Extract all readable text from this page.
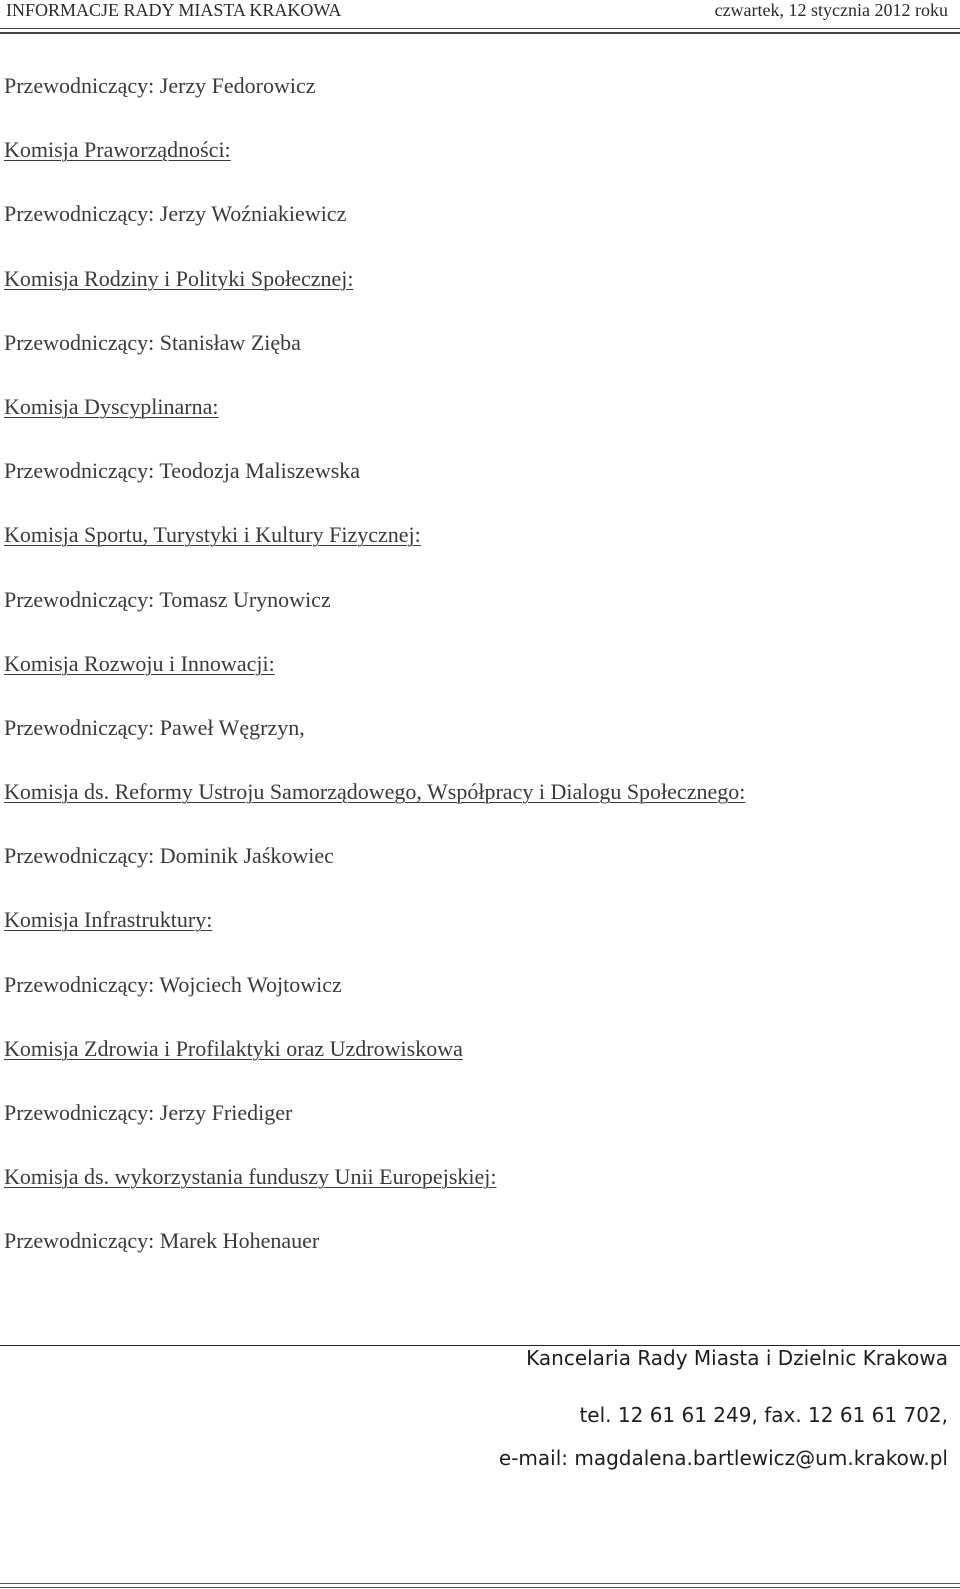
INFORMACJE RADY MIASTA KRAKOWA	czwartek, 12 stycznia 2012 roku
Przewodniczący: Jerzy Fedorowicz
Komisja Praworządności:
Przewodniczący: Jerzy Woźniakiewicz
Komisja Rodziny i Polityki Społecznej:
Przewodniczący: Stanisław Zięba
Komisja Dyscyplinarna:
Przewodniczący: Teodozja Maliszewska
Komisja Sportu, Turystyki i Kultury Fizycznej:
Przewodniczący: Tomasz Urynowicz
Komisja Rozwoju i Innowacji:
Przewodniczący: Paweł Węgrzyn,
Komisja ds. Reformy Ustroju Samorządowego, Współpracy i Dialogu Społecznego:
Przewodniczący: Dominik Jaśkowiec
Komisja Infrastruktury:
Przewodniczący: Wojciech Wojtowicz
Komisja Zdrowia i Profilaktyki oraz Uzdrowiskowa
Przewodniczący: Jerzy Friediger
Komisja ds. wykorzystania funduszy Unii Europejskiej:
Przewodniczący: Marek Hohenauer
Kancelaria Rady Miasta i Dzielnic Krakowa
tel. 12 61 61 249, fax. 12 61 61 702,
e-mail: magdalena.bartlewicz@um.krakow.pl
